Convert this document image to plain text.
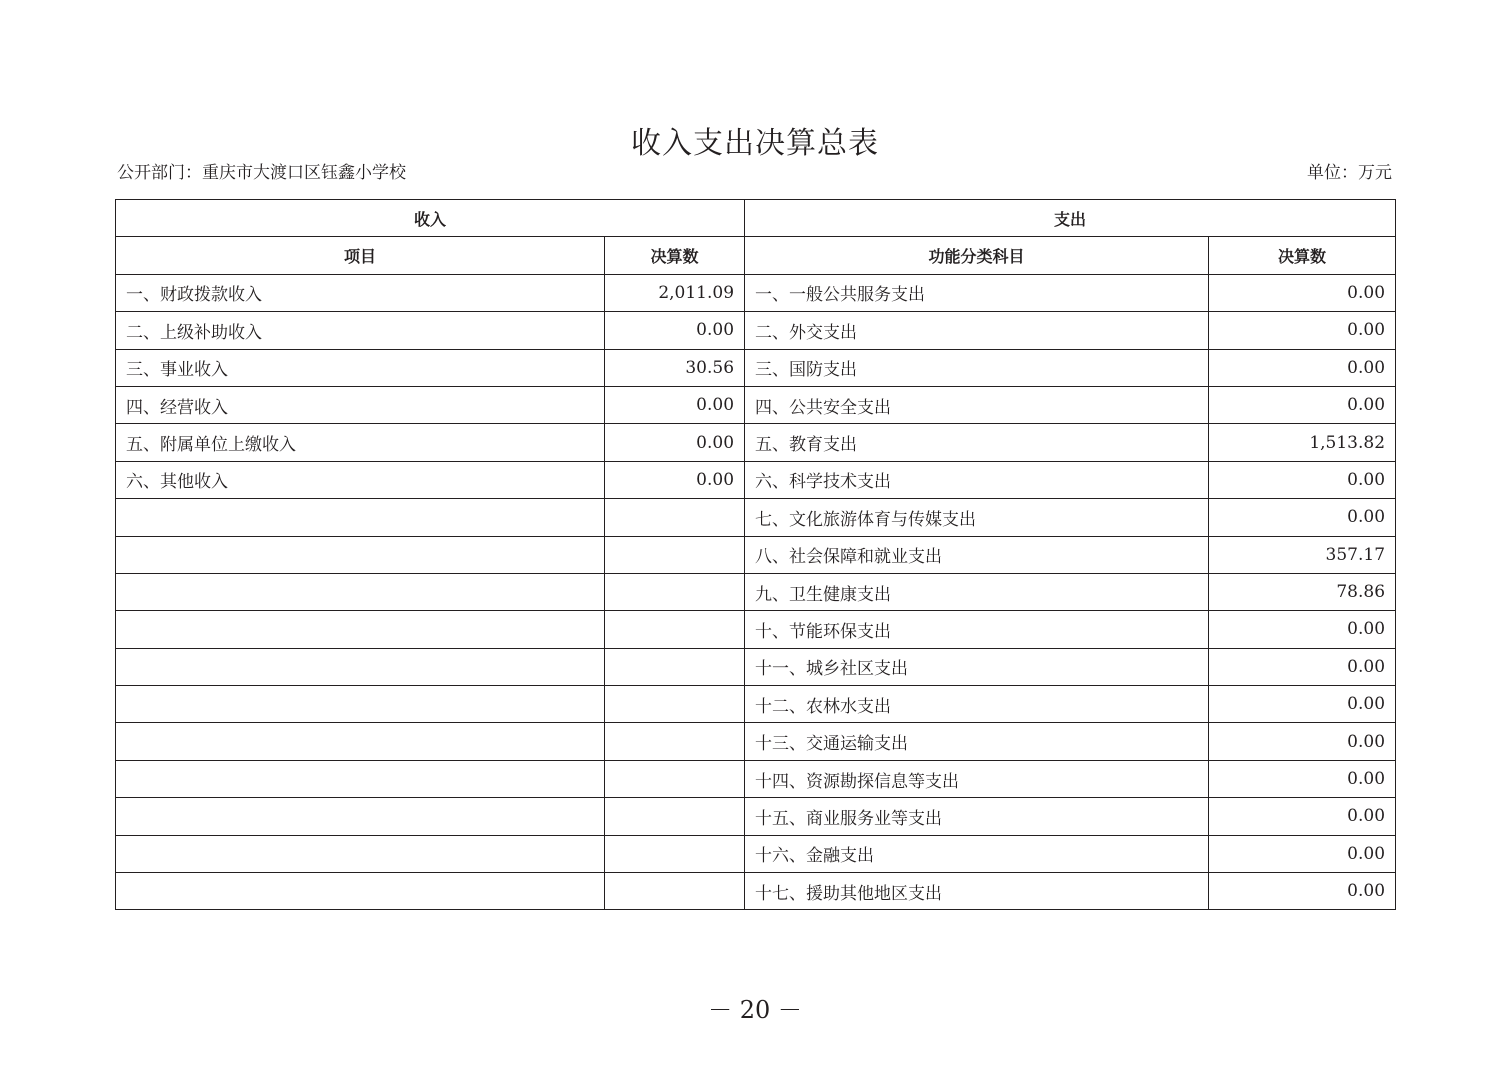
收入支出决算总表
公开部门：重庆市大渡口区钰鑫小学校	单位：万元
收入		支出	
项目	决算数	功能分类科目	决算数
一、财政拨款收入	2,011.09	一、一般公共服务支出	0.00
二、上级补助收入	0.00	二、外交支出	0.00
三、事业收入	30.56	三、国防支出	0.00
四、经营收入	0.00	四、公共安全支出	0.00
五、附属单位上缴收入	0.00	五、教育支出	1,513.82
六、其他收入	0.00	六、科学技术支出	0.00
		七、文化旅游体育与传媒支出	0.00
		八、社会保障和就业支出	357.17
		九、卫生健康支出	78.86
		十、节能环保支出	0.00
		十一、城乡社区支出	0.00
		十二、农林水支出	0.00
		十三、交通运输支出	0.00
		十四、资源勘探信息等支出	0.00
		十五、商业服务业等支出	0.00
		十六、金融支出	0.00
		十七、援助其他地区支出	0.00
－ 20 －
